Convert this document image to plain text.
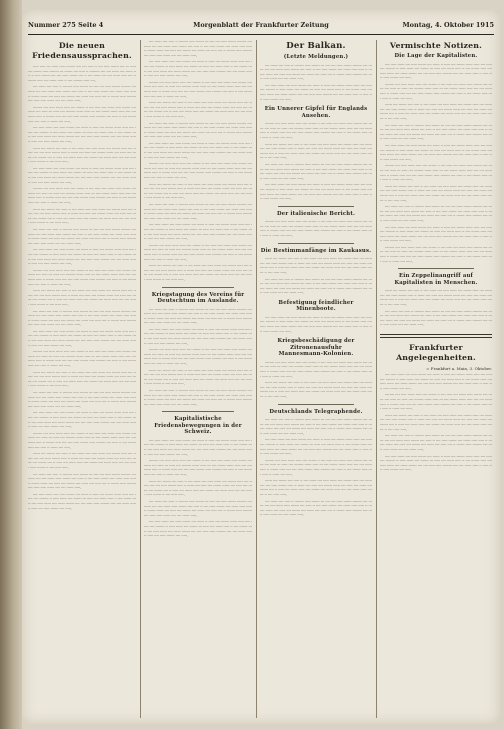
Nummer 275 Seite 4	Morgenblatt der Frankfurter Zeitung	Montag, 4. Oktober 1915
Die neuen Friedensaussprachen.
----- ----- --- ------ ----- -------- ---- ---- ----- -- ---- ----- ------- ---- --- ----- ---- ------- ----- -------- --- ------- ---- ----- -- --------- ---- ---- ------ ---- ------ ---- -- ----- ------- ---- ---- ----- ------- ---- -- ---- ------ ---- ---- ------ ----- ---- -- ------- ----- ---- ------ ----- -- ---- -------- ----- ----.
---- ------ ---- ----- -- -------- ----- ------- --- ---- ---- ----- ------- -------- ---- ------ ---- ---- ------ ----- ------- ---- ----- -- ---- ----- ------- ---- ------ ----- ----- -- ------- ------ ---- ----- ---- ------- ---- ------ ---- ----- ---- -- ------- ----- -------- ---- ----- ----- ------ ---- ---- ------ -----.
-------- ---- ----- ------ ----- ---- ------- -- ---- ----- ---- ------ ----- ------- ---- ------ ---- ----- --- ----- ---- -------- ------ ----- --- ---- ------- ------ ----- ---- ---- ------ ----- -- ------- ----- ---- ---- ----- ------- ----- -------- ---- ----- -- ---- ------- ----- ---- ----- -- ------ ---- -----.
---- ----- ------ ---- ----- ------- ---- ------ -- ----- ---- ------- ------ ----- ---- ----- ---- -------- -- ----- ------ ---- ------- --- ----- ---- ------ ----- -- ---- ------- ----- ---- ----- ------ ---- ------ ------- ---- ---- ----- ----- -------- ---- ---- ------ ----- -- ----- ---- ----- ------- ---- -----.
------ ---- ------- ---- ----- -- ---- ------ ---- ----- ------ ---- ------- ----- ---- ------ ---- ---- ----- ------- ----- -- ------ ---- ----- ---- ------- ------ ---- ----- ---- ------ ---- ------- ---- -- ----- ---- ------ ----- ---- ------- ---- ------ ----- ---- ---- ------ ----- ------- -- ---- ----- -----.
---- ----- ------ ---- ----- ------- ---- ------ -- ----- ---- ------- ------ ----- ---- ----- ---- -------- -- ----- ------ ---- ------- --- ----- ---- ------ ----- -- ---- ------- ----- ---- ----- ------ ---- ------ ------- ---- ---- ----- ----- -------- ---- ---- ------ ----- -- ----- ---- ----- ------- ---- -----.
-------- ---- ----- ------ ----- ---- ------- -- ---- ----- ---- ------ ----- ------- ---- ------ ---- ----- --- ----- ---- -------- ------ ----- --- ---- ------- ------ ----- ---- ---- ------ ----- -- ------- ----- ---- ---- ----- ------- ----- -------- ---- ----- -- ---- ------- ----- ---- ----- -- ------ ---- -----.
------ ---- ------- ---- ----- -- ---- ------ ---- ----- ------ ---- ------- ----- ---- ------ ---- ---- ----- ------- ----- -- ------ ---- ----- ---- ------- ------ ---- ----- ---- ------ ---- ------- ---- -- ----- ---- ------ ----- ---- ------- ---- ------ ----- ---- ---- ------ ----- ------- -- ---- ----- -----.
---- ------ ---- ----- -- -------- ----- ------- --- ---- ---- ----- ------- -------- ---- ------ ---- ---- ------ ----- ------- ---- ----- -- ---- ----- ------- ---- ------ ----- ----- -- ------- ------ ---- ----- ---- ------- ---- ------ ---- ----- ---- -- ------- ----- -------- ---- ----- ----- ------ ---- ---- ------ -----.
---- ----- ------ ---- ----- ------- ---- ------ -- ----- ---- ------- ------ ----- ---- ----- ---- -------- -- ----- ------ ---- ------- --- ----- ---- ------ ----- -- ---- ------- ----- ---- ----- ------ ---- ------ ------- ---- ---- ----- ----- -------- ---- ---- ------ ----- -- ----- ---- ----- ------- ---- -----.
-------- ---- ----- ------ ----- ---- ------- -- ---- ----- ---- ------ ----- ------- ---- ------ ---- ----- --- ----- ---- -------- ------ ----- --- ---- ------- ------ ----- ---- ---- ------ ----- -- ------- ----- ---- ---- ----- ------- ----- -------- ---- ----- -- ---- ------- ----- ---- ----- -- ------ ---- -----.
------ ---- ------- ---- ----- -- ---- ------ ---- ----- ------ ---- ------- ----- ---- ------ ---- ---- ----- ------- ----- -- ------ ---- ----- ---- ------- ------ ---- ----- ---- ------ ---- ------- ---- -- ----- ---- ------ ----- ---- ------- ---- ------ ----- ---- ---- ------ ----- ------- -- ---- ----- -----.
---- ------ ---- ----- -- -------- ----- ------- --- ---- ---- ----- ------- -------- ---- ------ ---- ---- ------ ----- ------- ---- ----- -- ---- ----- ------- ---- ------ ----- ----- -- ------- ------ ---- ----- ---- ------- ---- ------ ---- ----- ---- -- ------- ----- -------- ---- ----- ----- ------ ---- ---- ------ -----.
---- ----- ------ ---- ----- ------- ---- ------ -- ----- ---- ------- ------ ----- ---- ----- ---- -------- -- ----- ------ ---- ------- --- ----- ---- ------ ----- -- ---- ------- ----- ---- ----- ------ ---- ------ ------- ---- ---- ----- ----- -------- ---- ---- ------ ----- -- ----- ---- ----- ------- ---- -----.
-------- ---- ----- ------ ----- ---- ------- -- ---- ----- ---- ------ ----- ------- ---- ------ ---- ----- --- ----- ---- -------- ------ ----- --- ---- ------- ------ ----- ---- ---- ------ ----- -- ------- ----- ---- ---- ----- ------- ----- -------- ---- ----- -- ---- ------- ----- ---- ----- -- ------ ---- -----.
------ ---- ------- ---- ----- -- ---- ------ ---- ----- ------ ---- ------- ----- ---- ------ ---- ---- ----- ------- ----- -- ------ ---- ----- ---- ------- ------ ---- ----- ---- ------ ---- ------- ---- -- ----- ---- ------ ----- ---- ------- ---- ------ ----- ---- ---- ------ ----- ------- -- ---- ----- -----.
---- ------ ---- ----- -- -------- ----- ------- --- ---- ---- ----- ------- -------- ---- ------ ---- ---- ------ ----- ------- ---- ----- -- ---- ----- ------- ---- ------ ----- ----- -- ------- ------ ---- ----- ---- ------- ---- ------ ---- ----- ---- -- ------- ----- -------- ---- ----- ----- ------ ---- ---- ------ -----.
---- ----- ------ ---- ----- ------- ---- ------ -- ----- ---- ------- ------ ----- ---- ----- ---- -------- -- ----- ------ ---- ------- --- ----- ---- ------ ----- -- ---- ------- ----- ---- ----- ------ ---- ------ ------- ---- ---- ----- ----- -------- ---- ---- ------ ----- -- ----- ---- ----- ------- ---- -----.
-------- ---- ----- ------ ----- ---- ------- -- ---- ----- ---- ------ ----- ------- ---- ------ ---- ----- --- ----- ---- -------- ------ ----- --- ---- ------- ------ ----- ---- ---- ------ ----- -- ------- ----- ---- ---- ----- ------- ----- -------- ---- ----- -- ---- ------- ----- ---- ----- -- ------ ---- -----.
------ ---- ------- ---- ----- -- ---- ------ ---- ----- ------ ---- ------- ----- ---- ------ ---- ---- ----- ------- ----- -- ------ ---- ----- ---- ------- ------ ---- ----- ---- ------ ---- ------- ---- -- ----- ---- ------ ----- ---- ------- ---- ------ ----- ---- ---- ------ ----- ------- -- ---- ----- -----.
---- ------ ---- ----- -- -------- ----- ------- --- ---- ---- ----- ------- -------- ---- ------ ---- ---- ------ ----- ------- ---- ----- -- ---- ----- ------- ---- ------ ----- ----- -- ------- ------ ---- ----- ---- ------- ---- ------ ---- ----- ---- -- ------- ----- -------- ---- ----- ----- ------ ---- ---- ------ -----.
---- ----- ------ ---- ----- ------- ---- ------ -- ----- ---- ------- ------ ----- ---- ----- ---- -------- -- ----- ------ ---- ------- --- ----- ---- ------ ----- -- ---- ------- ----- ---- ----- ------ ---- ------ ------- ---- ---- ----- ----- -------- ---- ---- ------ ----- -- ----- ---- ----- ------- ---- -----.
---- ------ ---- ----- -- -------- ----- ------- --- ---- ---- ----- ------- -------- ---- ------ ---- ---- ------ ----- ------- ---- ----- -- ---- ----- ------- ---- ------ ----- ----- -- ------- ------ ---- ----- ---- ------- ---- ------ ---- ----- ---- -- ------- ----- -------- ---- ----- ----- ------ ---- ---- ------ -----.
---- ----- ------ ---- ----- ------- ---- ------ -- ----- ---- ------- ------ ----- ---- ----- ---- -------- -- ----- ------ ---- ------- --- ----- ---- ------ ----- -- ---- ------- ----- ---- ----- ------ ---- ------ ------- ---- ---- ----- ----- -------- ---- ---- ------ ----- -- ----- ---- ----- ------- ---- -----.
-------- ---- ----- ------ ----- ---- ------- -- ---- ----- ---- ------ ----- ------- ---- ------ ---- ----- --- ----- ---- -------- ------ ----- --- ---- ------- ------ ----- ---- ---- ------ ----- -- ------- ----- ---- ---- ----- ------- ----- -------- ---- ----- -- ---- ------- ----- ---- ----- -- ------ ---- -----.
------ ---- ------- ---- ----- -- ---- ------ ---- ----- ------ ---- ------- ----- ---- ------ ---- ---- ----- ------- ----- -- ------ ---- ----- ---- ------- ------ ---- ----- ---- ------ ---- ------- ---- -- ----- ---- ------ ----- ---- ------- ---- ------ ----- ---- ---- ------ ----- ------- -- ---- ----- -----.
---- ------ ---- ----- -- -------- ----- ------- --- ---- ---- ----- ------- -------- ---- ------ ---- ---- ------ ----- ------- ---- ----- -- ---- ----- ------- ---- ------ ----- ----- -- ------- ------ ---- ----- ---- ------- ---- ------ ---- ----- ---- -- ------- ----- -------- ---- ----- ----- ------ ---- ---- ------ -----.
---- ----- ------ ---- ----- ------- ---- ------ -- ----- ---- ------- ------ ----- ---- ----- ---- -------- -- ----- ------ ---- ------- --- ----- ---- ------ ----- -- ---- ------- ----- ---- ----- ------ ---- ------ ------- ---- ---- ----- ----- -------- ---- ---- ------ ----- -- ----- ---- ----- ------- ---- -----.
-------- ---- ----- ------ ----- ---- ------- -- ---- ----- ---- ------ ----- ------- ---- ------ ---- ----- --- ----- ---- -------- ------ ----- --- ---- ------- ------ ----- ---- ---- ------ ----- -- ------- ----- ---- ---- ----- ------- ----- -------- ---- ----- -- ---- ------- ----- ---- ----- -- ------ ---- -----.
------ ---- ------- ---- ----- -- ---- ------ ---- ----- ------ ---- ------- ----- ---- ------ ---- ---- ----- ------- ----- -- ------ ---- ----- ---- ------- ------ ---- ----- ---- ------ ---- ------- ---- -- ----- ---- ------ ----- ---- ------- ---- ------ ----- ---- ---- ------ ----- ------- -- ---- ----- -----.
---- ------ ---- ----- -- -------- ----- ------- --- ---- ---- ----- ------- -------- ---- ------ ---- ---- ------ ----- ------- ---- ----- -- ---- ----- ------- ---- ------ ----- ----- -- ------- ------ ---- ----- ---- ------- ---- ------ ---- ----- ---- -- ------- ----- -------- ---- ----- ----- ------ ---- ---- ------ -----.
---- ----- ------ ---- ----- ------- ---- ------ -- ----- ---- ------- ------ ----- ---- ----- ---- -------- -- ----- ------ ---- ------- --- ----- ---- ------ ----- -- ---- ------- ----- ---- ----- ------ ---- ------ ------- ---- ---- ----- ----- -------- ---- ---- ------ ----- -- ----- ---- ----- ------- ---- -----.
-------- ---- ----- ------ ----- ---- ------- -- ---- ----- ---- ------ ----- ------- ---- ------ ---- ----- --- ----- ---- -------- ------ ----- --- ---- ------- ------ ----- ---- ---- ------ ----- -- ------- ----- ---- ---- ----- ------- ----- -------- ---- ----- -- ---- ------- ----- ---- ----- -- ------ ---- -----.
------ ---- ------- ---- ----- -- ---- ------ ---- ----- ------ ---- ------- ----- ---- ------ ---- ---- ----- ------- ----- -- ------ ---- ----- ---- ------- ------ ---- ----- ---- ------ ---- ------- ---- -- ----- ---- ------ ----- ---- ------- ---- ------ ----- ---- ---- ------ ----- ------- -- ---- ----- -----.
Kriegstagung des Vereins für Deutschtum im Auslande.
---- ------ ---- ----- -- -------- ----- ------- --- ---- ---- ----- ------- -------- ---- ------ ---- ---- ------ ----- ------- ---- ----- -- ---- ----- ------- ---- ------ ----- ----- -- ------- ------ ---- ----- ---- ------- ---- ------ ---- ----- ---- -- ------- ----- -------- ---- ----- ----- ------ ---- ---- ------ -----.
---- ----- ------ ---- ----- ------- ---- ------ -- ----- ---- ------- ------ ----- ---- ----- ---- -------- -- ----- ------ ---- ------- --- ----- ---- ------ ----- -- ---- ------- ----- ---- ----- ------ ---- ------ ------- ---- ---- ----- ----- -------- ---- ---- ------ ----- -- ----- ---- ----- ------- ---- -----.
-------- ---- ----- ------ ----- ---- ------- -- ---- ----- ---- ------ ----- ------- ---- ------ ---- ----- --- ----- ---- -------- ------ ----- --- ---- ------- ------ ----- ---- ---- ------ ----- -- ------- ----- ---- ---- ----- ------- ----- -------- ---- ----- -- ---- ------- ----- ---- ----- -- ------ ---- -----.
------ ---- ------- ---- ----- -- ---- ------ ---- ----- ------ ---- ------- ----- ---- ------ ---- ---- ----- ------- ----- -- ------ ---- ----- ---- ------- ------ ---- ----- ---- ------ ---- ------- ---- -- ----- ---- ------ ----- ---- ------- ---- ------ ----- ---- ---- ------ ----- ------- -- ---- ----- -----.
---- ------ ---- ----- -- -------- ----- ------- --- ---- ---- ----- ------- -------- ---- ------ ---- ---- ------ ----- ------- ---- ----- -- ---- ----- ------- ---- ------ ----- ----- -- ------- ------ ---- ----- ---- ------- ---- ------ ---- ----- ---- -- ------- ----- -------- ---- ----- ----- ------ ---- ---- ------ -----.
Kapitalistische Friedensbewegungen in der Schweiz.
---- ----- ------ ---- ----- ------- ---- ------ -- ----- ---- ------- ------ ----- ---- ----- ---- -------- -- ----- ------ ---- ------- --- ----- ---- ------ ----- -- ---- ------- ----- ---- ----- ------ ---- ------ ------- ---- ---- ----- ----- -------- ---- ---- ------ ----- -- ----- ---- ----- ------- ---- -----.
-------- ---- ----- ------ ----- ---- ------- -- ---- ----- ---- ------ ----- ------- ---- ------ ---- ----- --- ----- ---- -------- ------ ----- --- ---- ------- ------ ----- ---- ---- ------ ----- -- ------- ----- ---- ---- ----- ------- ----- -------- ---- ----- -- ---- ------- ----- ---- ----- -- ------ ---- -----.
------ ---- ------- ---- ----- -- ---- ------ ---- ----- ------ ---- ------- ----- ---- ------ ---- ---- ----- ------- ----- -- ------ ---- ----- ---- ------- ------ ---- ----- ---- ------ ---- ------- ---- -- ----- ---- ------ ----- ---- ------- ---- ------ ----- ---- ---- ------ ----- ------- -- ---- ----- -----.
---- ------ ---- ----- -- -------- ----- ------- --- ---- ---- ----- ------- -------- ---- ------ ---- ---- ------ ----- ------- ---- ----- -- ---- ----- ------- ---- ------ ----- ----- -- ------- ------ ---- ----- ---- ------- ---- ------ ---- ----- ---- -- ------- ----- -------- ---- ----- ----- ------ ---- ---- ------ -----.
---- ----- ------ ---- ----- ------- ---- ------ -- ----- ---- ------- ------ ----- ---- ----- ---- -------- -- ----- ------ ---- ------- --- ----- ---- ------ ----- -- ---- ------- ----- ---- ----- ------ ---- ------ ------- ---- ---- ----- ----- -------- ---- ---- ------ ----- -- ----- ---- ----- ------- ---- -----.
Der Balkan.
(Letzte Meldungen.)
---- ------ ---- ----- -- -------- ----- ------- --- ---- ---- ----- ------- -------- ---- ------ ---- ---- ------ ----- ------- ---- ----- -- ---- ----- ------- ---- ------ ----- ----- -- ------- ------ ---- ----- ---- ------- ---- ------ ---- ----- ---- -- ------- ----- -------- ---- ----- ----- ------ ---- ---- ------ -----.
---- ----- ------ ---- ----- ------- ---- ------ -- ----- ---- ------- ------ ----- ---- ----- ---- -------- -- ----- ------ ---- ------- --- ----- ---- ------ ----- -- ---- ------- ----- ---- ----- ------ ---- ------ ------- ---- ---- ----- ----- -------- ---- ---- ------ ----- -- ----- ---- ----- ------- ---- -----.
Ein Unnerer Gipfel für Englands Ansehen.
-------- ---- ----- ------ ----- ---- ------- -- ---- ----- ---- ------ ----- ------- ---- ------ ---- ----- --- ----- ---- -------- ------ ----- --- ---- ------- ------ ----- ---- ---- ------ ----- -- ------- ----- ---- ---- ----- ------- ----- -------- ---- ----- -- ---- ------- ----- ---- ----- -- ------ ---- -----.
------ ---- ------- ---- ----- -- ---- ------ ---- ----- ------ ---- ------- ----- ---- ------ ---- ---- ----- ------- ----- -- ------ ---- ----- ---- ------- ------ ---- ----- ---- ------ ---- ------- ---- -- ----- ---- ------ ----- ---- ------- ---- ------ ----- ---- ---- ------ ----- ------- -- ---- ----- -----.
---- ------ ---- ----- -- -------- ----- ------- --- ---- ---- ----- ------- -------- ---- ------ ---- ---- ------ ----- ------- ---- ----- -- ---- ----- ------- ---- ------ ----- ----- -- ------- ------ ---- ----- ---- ------- ---- ------ ---- ----- ---- -- ------- ----- -------- ---- ----- ----- ------ ---- ---- ------ -----.
---- ----- ------ ---- ----- ------- ---- ------ -- ----- ---- ------- ------ ----- ---- ----- ---- -------- -- ----- ------ ---- ------- --- ----- ---- ------ ----- -- ---- ------- ----- ---- ----- ------ ---- ------ ------- ---- ---- ----- ----- -------- ---- ---- ------ ----- -- ----- ---- ----- ------- ---- -----.
Der italienische Bericht.
-------- ---- ----- ------ ----- ---- ------- -- ---- ----- ---- ------ ----- ------- ---- ------ ---- ----- --- ----- ---- -------- ------ ----- --- ---- ------- ------ ----- ---- ---- ------ ----- -- ------- ----- ---- ---- ----- ------- ----- -------- ---- ----- -- ---- ------- ----- ---- ----- -- ------ ---- -----.
Die Bestimmanfänge im Kaukasus.
------ ---- ------- ---- ----- -- ---- ------ ---- ----- ------ ---- ------- ----- ---- ------ ---- ---- ----- ------- ----- -- ------ ---- ----- ---- ------- ------ ---- ----- ---- ------ ---- ------- ---- -- ----- ---- ------ ----- ---- ------- ---- ------ ----- ---- ---- ------ ----- ------- -- ---- ----- -----.
---- ------ ---- ----- -- -------- ----- ------- --- ---- ---- ----- ------- -------- ---- ------ ---- ---- ------ ----- ------- ---- ----- -- ---- ----- ------- ---- ------ ----- ----- -- ------- ------ ---- ----- ---- ------- ---- ------ ---- ----- ---- -- ------- ----- -------- ---- ----- ----- ------ ---- ---- ------ -----.
Befestigung feindlicher Minenboote.
---- ----- ------ ---- ----- ------- ---- ------ -- ----- ---- ------- ------ ----- ---- ----- ---- -------- -- ----- ------ ---- ------- --- ----- ---- ------ ----- -- ---- ------- ----- ---- ----- ------ ---- ------ ------- ---- ---- ----- ----- -------- ---- ---- ------ ----- -- ----- ---- ----- ------- ---- -----.
Kriegsbeschädigung der Zitronenausfuhr
Mannesmann-Kolonien.
-------- ---- ----- ------ ----- ---- ------- -- ---- ----- ---- ------ ----- ------- ---- ------ ---- ----- --- ----- ---- -------- ------ ----- --- ---- ------- ------ ----- ---- ---- ------ ----- -- ------- ----- ---- ---- ----- ------- ----- -------- ---- ----- -- ---- ------- ----- ---- ----- -- ------ ---- -----.
------ ---- ------- ---- ----- -- ---- ------ ---- ----- ------ ---- ------- ----- ---- ------ ---- ---- ----- ------- ----- -- ------ ---- ----- ---- ------- ------ ---- ----- ---- ------ ---- ------- ---- -- ----- ---- ------ ----- ---- ------- ---- ------ ----- ---- ---- ------ ----- ------- -- ---- ----- -----.
Deutschlands Telegraphende.
---- ------ ---- ----- -- -------- ----- ------- --- ---- ---- ----- ------- -------- ---- ------ ---- ---- ------ ----- ------- ---- ----- -- ---- ----- ------- ---- ------ ----- ----- -- ------- ------ ---- ----- ---- ------- ---- ------ ---- ----- ---- -- ------- ----- -------- ---- ----- ----- ------ ---- ---- ------ -----.
---- ----- ------ ---- ----- ------- ---- ------ -- ----- ---- ------- ------ ----- ---- ----- ---- -------- -- ----- ------ ---- ------- --- ----- ---- ------ ----- -- ---- ------- ----- ---- ----- ------ ---- ------ ------- ---- ---- ----- ----- -------- ---- ---- ------ ----- -- ----- ---- ----- ------- ---- -----.
-------- ---- ----- ------ ----- ---- ------- -- ---- ----- ---- ------ ----- ------- ---- ------ ---- ----- --- ----- ---- -------- ------ ----- --- ---- ------- ------ ----- ---- ---- ------ ----- -- ------- ----- ---- ---- ----- ------- ----- -------- ---- ----- -- ---- ------- ----- ---- ----- -- ------ ---- -----.
------ ---- ------- ---- ----- -- ---- ------ ---- ----- ------ ---- ------- ----- ---- ------ ---- ---- ----- ------- ----- -- ------ ---- ----- ---- ------- ------ ---- ----- ---- ------ ---- ------- ---- -- ----- ---- ------ ----- ---- ------- ---- ------ ----- ---- ---- ------ ----- ------- -- ---- ----- -----.
---- ------ ---- ----- -- -------- ----- ------- --- ---- ---- ----- ------- -------- ---- ------ ---- ---- ------ ----- ------- ---- ----- -- ---- ----- ------- ---- ------ ----- ----- -- ------- ------ ---- ----- ---- ------- ---- ------ ---- ----- ---- -- ------- ----- -------- ---- ----- ----- ------ ---- ---- ------ -----.
Vermischte Notizen.
Die Lage der Kapitalisten.
---- ----- ------ ---- ----- ------- ---- ------ -- ----- ---- ------- ------ ----- ---- ----- ---- -------- -- ----- ------ ---- ------- --- ----- ---- ------ ----- -- ---- ------- ----- ---- ----- ------ ---- ------ ------- ---- ---- ----- ----- -------- ---- ---- ------ ----- -- ----- ---- ----- ------- ---- -----.
-------- ---- ----- ------ ----- ---- ------- -- ---- ----- ---- ------ ----- ------- ---- ------ ---- ----- --- ----- ---- -------- ------ ----- --- ---- ------- ------ ----- ---- ---- ------ ----- -- ------- ----- ---- ---- ----- ------- ----- -------- ---- ----- -- ---- ------- ----- ---- ----- -- ------ ---- -----.
------ ---- ------- ---- ----- -- ---- ------ ---- ----- ------ ---- ------- ----- ---- ------ ---- ---- ----- ------- ----- -- ------ ---- ----- ---- ------- ------ ---- ----- ---- ------ ---- ------- ---- -- ----- ---- ------ ----- ---- ------- ---- ------ ----- ---- ---- ------ ----- ------- -- ---- ----- -----.
---- ------ ---- ----- -- -------- ----- ------- --- ---- ---- ----- ------- -------- ---- ------ ---- ---- ------ ----- ------- ---- ----- -- ---- ----- ------- ---- ------ ----- ----- -- ------- ------ ---- ----- ---- ------- ---- ------ ---- ----- ---- -- ------- ----- -------- ---- ----- ----- ------ ---- ---- ------ -----.
---- ----- ------ ---- ----- ------- ---- ------ -- ----- ---- ------- ------ ----- ---- ----- ---- -------- -- ----- ------ ---- ------- --- ----- ---- ------ ----- -- ---- ------- ----- ---- ----- ------ ---- ------ ------- ---- ---- ----- ----- -------- ---- ---- ------ ----- -- ----- ---- ----- ------- ---- -----.
-------- ---- ----- ------ ----- ---- ------- -- ---- ----- ---- ------ ----- ------- ---- ------ ---- ----- --- ----- ---- -------- ------ ----- --- ---- ------- ------ ----- ---- ---- ------ ----- -- ------- ----- ---- ---- ----- ------- ----- -------- ---- ----- -- ---- ------- ----- ---- ----- -- ------ ---- -----.
------ ---- ------- ---- ----- -- ---- ------ ---- ----- ------ ---- ------- ----- ---- ------ ---- ---- ----- ------- ----- -- ------ ---- ----- ---- ------- ------ ---- ----- ---- ------ ---- ------- ---- -- ----- ---- ------ ----- ---- ------- ---- ------ ----- ---- ---- ------ ----- ------- -- ---- ----- -----.
---- ------ ---- ----- -- -------- ----- ------- --- ---- ---- ----- ------- -------- ---- ------ ---- ---- ------ ----- ------- ---- ----- -- ---- ----- ------- ---- ------ ----- ----- -- ------- ------ ---- ----- ---- ------- ---- ------ ---- ----- ---- -- ------- ----- -------- ---- ----- ----- ------ ---- ---- ------ -----.
---- ----- ------ ---- ----- ------- ---- ------ -- ----- ---- ------- ------ ----- ---- ----- ---- -------- -- ----- ------ ---- ------- --- ----- ---- ------ ----- -- ---- ------- ----- ---- ----- ------ ---- ------ ------- ---- ---- ----- ----- -------- ---- ---- ------ ----- -- ----- ---- ----- ------- ---- -----.
-------- ---- ----- ------ ----- ---- ------- -- ---- ----- ---- ------ ----- ------- ---- ------ ---- ----- --- ----- ---- -------- ------ ----- --- ---- ------- ------ ----- ---- ---- ------ ----- -- ------- ----- ---- ---- ----- ------- ----- -------- ---- ----- -- ---- ------- ----- ---- ----- -- ------ ---- -----.
Ein Zeppelinangriff auf Kapitalisten in Menschen.
------ ---- ------- ---- ----- -- ---- ------ ---- ----- ------ ---- ------- ----- ---- ------ ---- ---- ----- ------- ----- -- ------ ---- ----- ---- ------- ------ ---- ----- ---- ------ ---- ------- ---- -- ----- ---- ------ ----- ---- ------- ---- ------ ----- ---- ---- ------ ----- ------- -- ---- ----- -----.
---- ------ ---- ----- -- -------- ----- ------- --- ---- ---- ----- ------- -------- ---- ------ ---- ---- ------ ----- ------- ---- ----- -- ---- ----- ------- ---- ------ ----- ----- -- ------- ------ ---- ----- ---- ------- ---- ------ ---- ----- ---- -- ------- ----- -------- ---- ----- ----- ------ ---- ---- ------ -----.
Frankfurter Angelegenheiten.
= Frankfurt a. Main, 3. Oktober.
---- ----- ------ ---- ----- ------- ---- ------ -- ----- ---- ------- ------ ----- ---- ----- ---- -------- -- ----- ------ ---- ------- --- ----- ---- ------ ----- -- ---- ------- ----- ---- ----- ------ ---- ------ ------- ---- ---- ----- ----- -------- ---- ---- ------ ----- -- ----- ---- ----- ------- ---- -----.
-------- ---- ----- ------ ----- ---- ------- -- ---- ----- ---- ------ ----- ------- ---- ------ ---- ----- --- ----- ---- -------- ------ ----- --- ---- ------- ------ ----- ---- ---- ------ ----- -- ------- ----- ---- ---- ----- ------- ----- -------- ---- ----- -- ---- ------- ----- ---- ----- -- ------ ---- -----.
------ ---- ------- ---- ----- -- ---- ------ ---- ----- ------ ---- ------- ----- ---- ------ ---- ---- ----- ------- ----- -- ------ ---- ----- ---- ------- ------ ---- ----- ---- ------ ---- ------- ---- -- ----- ---- ------ ----- ---- ------- ---- ------ ----- ---- ---- ------ ----- ------- -- ---- ----- -----.
---- ------ ---- ----- -- -------- ----- ------- --- ---- ---- ----- ------- -------- ---- ------ ---- ---- ------ ----- ------- ---- ----- -- ---- ----- ------- ---- ------ ----- ----- -- ------- ------ ---- ----- ---- ------- ---- ------ ---- ----- ---- -- ------- ----- -------- ---- ----- ----- ------ ---- ---- ------ -----.
---- ----- ------ ---- ----- ------- ---- ------ -- ----- ---- ------- ------ ----- ---- ----- ---- -------- -- ----- ------ ---- ------- --- ----- ---- ------ ----- -- ---- ------- ----- ---- ----- ------ ---- ------ ------- ---- ---- ----- ----- -------- ---- ---- ------ ----- -- ----- ---- ----- ------- ---- -----.
